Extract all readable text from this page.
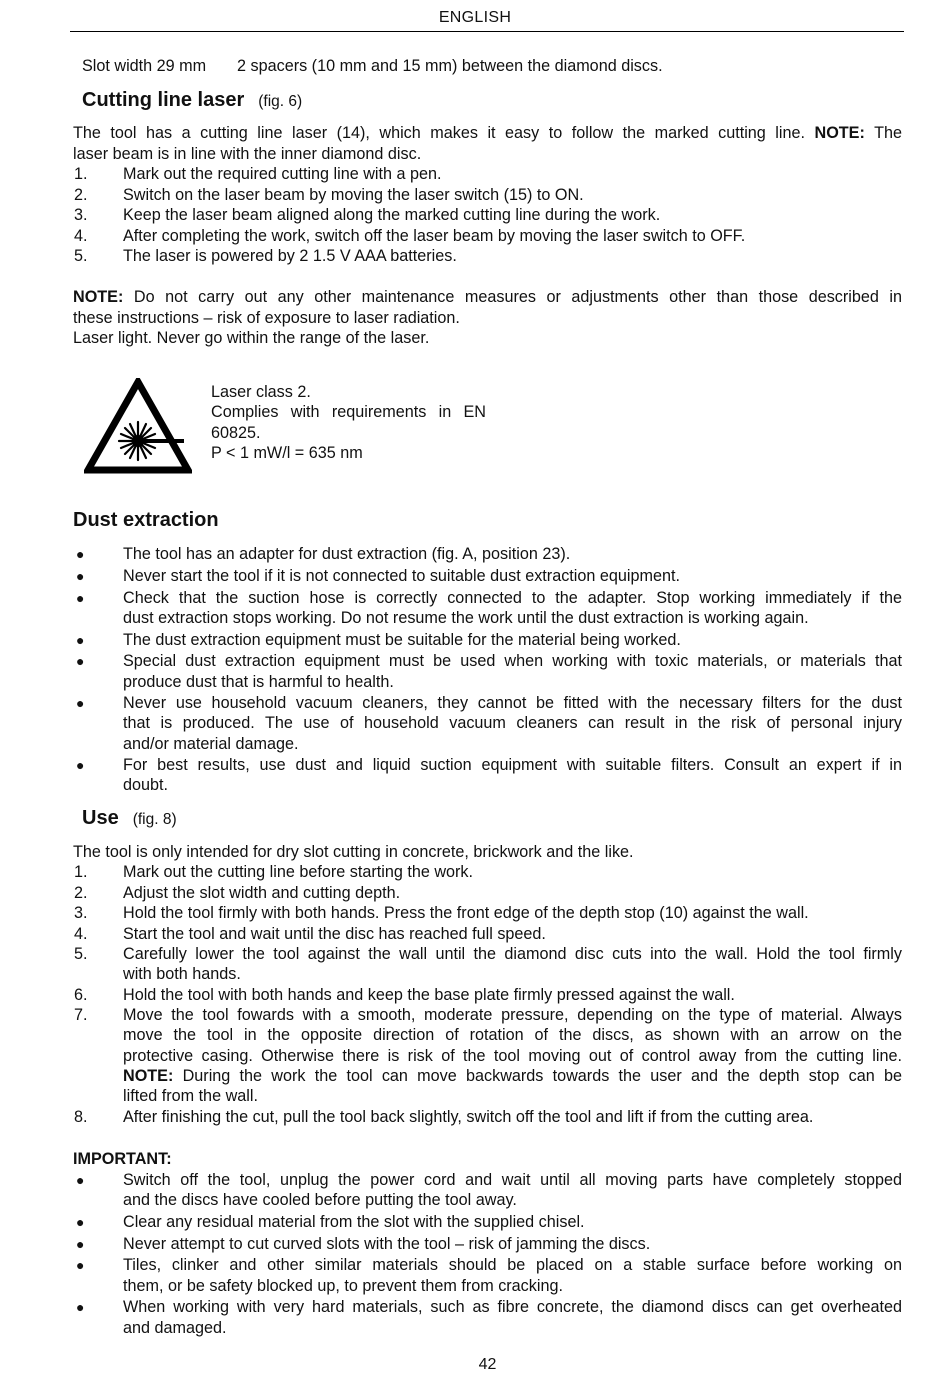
ENGLISH
Slot width 29 mm 2 spacers (10 mm and 15 mm) between the diamond discs.
Cutting line laser (fig. 6)
The tool has a cutting line laser (14), which makes it easy to follow the marked cutting line. NOTE: The
laser beam is in line with the inner diamond disc.
1. Mark out the required cutting line with a pen.
2. Switch on the laser beam by moving the laser switch (15) to ON.
3. Keep the laser beam aligned along the marked cutting line during the work.
4. After completing the work, switch off the laser beam by moving the laser switch to OFF.
5. The laser is powered by 2 1.5 V AAA batteries.
NOTE: Do not carry out any other maintenance measures or adjustments other than those described in
these instructions – risk of exposure to laser radiation.
Laser light. Never go within the range of the laser.
Laser class 2.
Complies with requirements in EN
60825.
P < 1 mW/l = 635 nm
Dust extraction
● The tool has an adapter for dust extraction (fig. A, position 23).
● Never start the tool if it is not connected to suitable dust extraction equipment.
● Check that the suction hose is correctly connected to the adapter. Stop working immediately if the
dust extraction stops working. Do not resume the work until the dust extraction is working again.
● The dust extraction equipment must be suitable for the material being worked.
● Special dust extraction equipment must be used when working with toxic materials, or materials that
produce dust that is harmful to health.
● Never use household vacuum cleaners, they cannot be fitted with the necessary filters for the dust
that is produced. The use of household vacuum cleaners can result in the risk of personal injury
and/or material damage.
● For best results, use dust and liquid suction equipment with suitable filters. Consult an expert if in
doubt.
Use (fig. 8)
The tool is only intended for dry slot cutting in concrete, brickwork and the like.
1. Mark out the cutting line before starting the work.
2. Adjust the slot width and cutting depth.
3. Hold the tool firmly with both hands. Press the front edge of the depth stop (10) against the wall.
4. Start the tool and wait until the disc has reached full speed.
5. Carefully lower the tool against the wall until the diamond disc cuts into the wall. Hold the tool firmly
with both hands.
6. Hold the tool with both hands and keep the base plate firmly pressed against the wall.
7. Move the tool fowards with a smooth, moderate pressure, depending on the type of material. Always
move the tool in the opposite direction of rotation of the discs, as shown with an arrow on the
protective casing. Otherwise there is risk of the tool moving out of control away from the cutting line.
NOTE: During the work the tool can move backwards towards the user and the depth stop can be
lifted from the wall.
8. After finishing the cut, pull the tool back slightly, switch off the tool and lift if from the cutting area.
IMPORTANT:
● Switch off the tool, unplug the power cord and wait until all moving parts have completely stopped
and the discs have cooled before putting the tool away.
● Clear any residual material from the slot with the supplied chisel.
● Never attempt to cut curved slots with the tool – risk of jamming the discs.
● Tiles, clinker and other similar materials should be placed on a stable surface before working on
them, or be safety blocked up, to prevent them from cracking.
● When working with very hard materials, such as fibre concrete, the diamond discs can get overheated
and damaged.
42
